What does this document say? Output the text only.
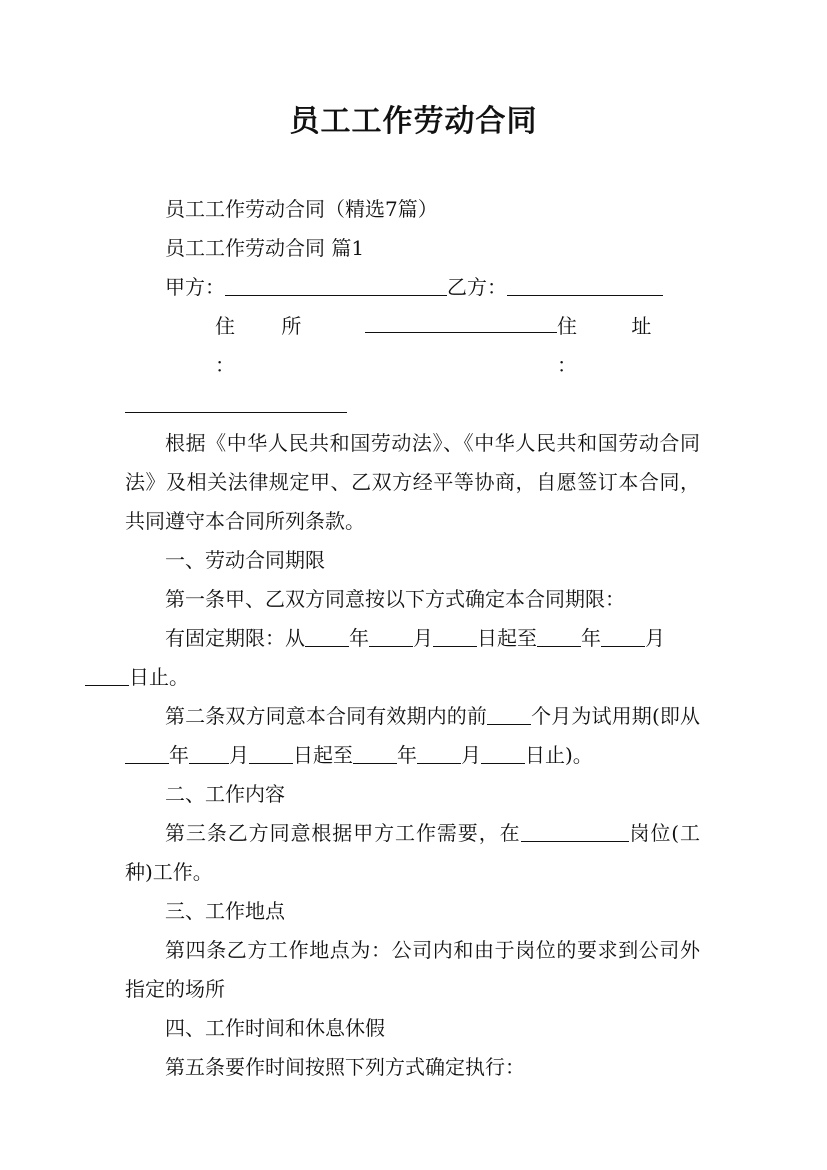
员工工作劳动合同

员工工作劳动合同（精选7篇）

员工工作劳动合同 篇1

甲方：	乙方：

住 所 ：
住 址 ：

根据《中华人民共和国劳动法》、《中华人民共和国劳动合同法》及相关法律规定甲、乙双方经平等协商，自愿签订本合同，共同遵守本合同所列条款。

一、劳动合同期限

第一条甲、乙双方同意按以下方式确定本合同期限：

有固定期限：从 年 月 日起至 年 月
日止。

第二条双方同意本合同有效期内的前 个月为试用期(即从年 月 日起至 年 月 日止)。

二、工作内容

第三条乙方同意根据甲方工作需要，在	岗位(工种)工作。

三、工作地点

第四条乙方工作地点为：公司内和由于岗位的要求到公司外指定的场所

四、工作时间和休息休假

第五条要作时间按照下列方式确定执行：
